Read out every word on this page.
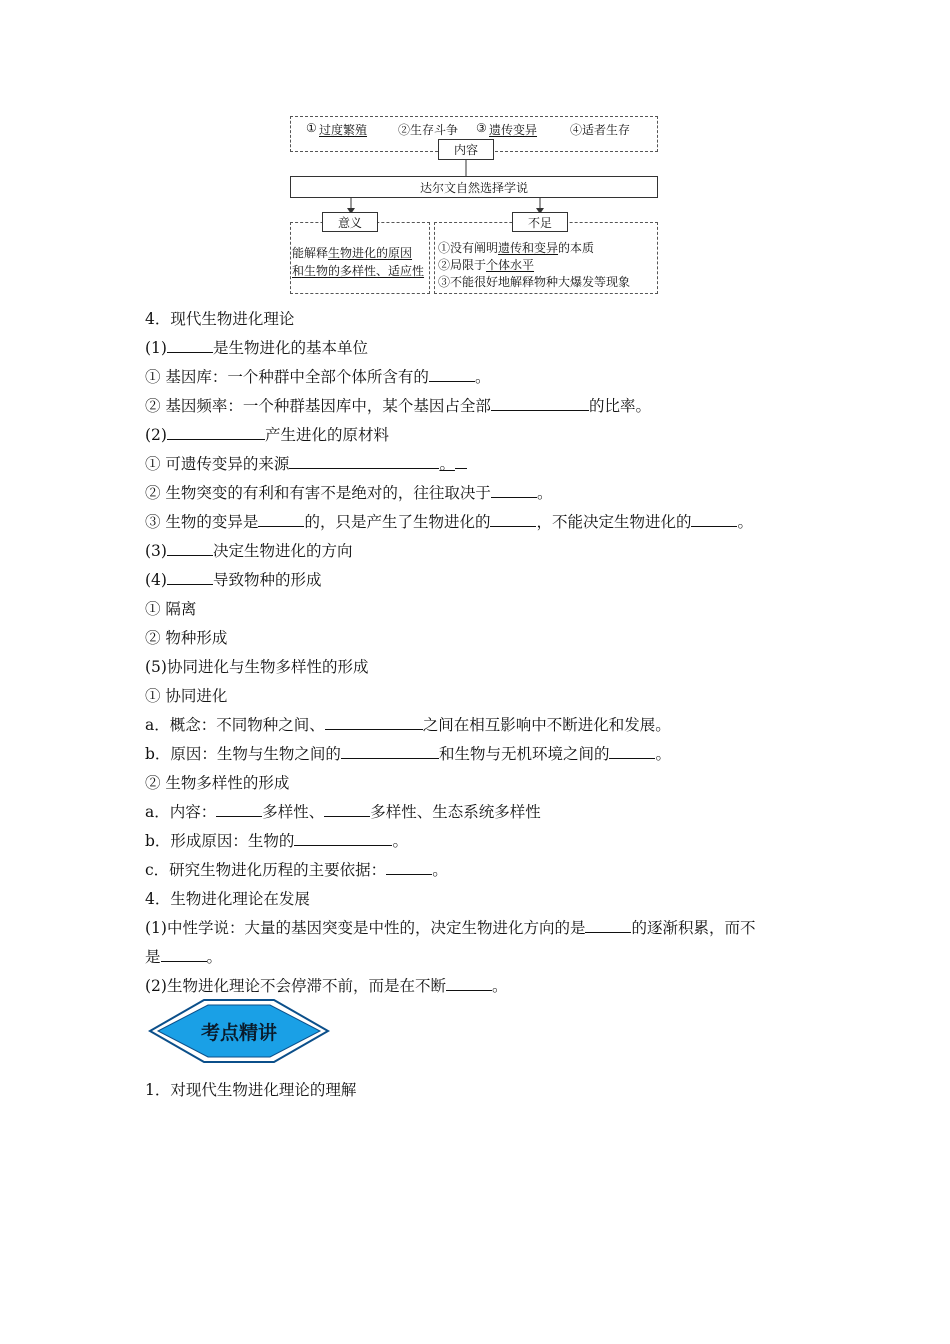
① 过度繁殖	②生存斗争 ③ 遗传变异	④适者生存
内容
达尔文自然选择学说
意义
能解释生物进化的原因
和生物的多样性、适应性
不足
①没有阐明遗传和变异的本质
②局限于个体水平
③不能很好地解释物种大爆发等现象
4．现代生物进化理论
(1)	是生物进化的基本单位
① 基因库：一个种群中全部个体所含有的	。
② 基因频率：一个种群基因库中，某个基因占全部	的比率。
(2)	产生进化的原材料
① 可遗传变异的来源	。
② 生物突变的有利和有害不是绝对的，往往取决于	。
③ 生物的变异是	的，只是产生了生物进化的	，不能决定生物进化的	。
(3)	决定生物进化的方向
(4)	导致物种的形成
① 隔离
② 物种形成
(5)协同进化与生物多样性的形成
① 协同进化
a．概念：不同物种之间、	之间在相互影响中不断进化和发展。
b．原因：生物与生物之间的	和生物与无机环境之间的	。
② 生物多样性的形成
a．内容：	多样性、	多样性、生态系统多样性
b．形成原因：生物的	。
c．研究生物进化历程的主要依据：	。
4．生物进化理论在发展
(1)中性学说：大量的基因突变是中性的，决定生物进化方向的是	的逐渐积累，而不
是	。
(2)生物进化理论不会停滞不前，而是在不断	。
考点精讲
1．对现代生物进化理论的理解
